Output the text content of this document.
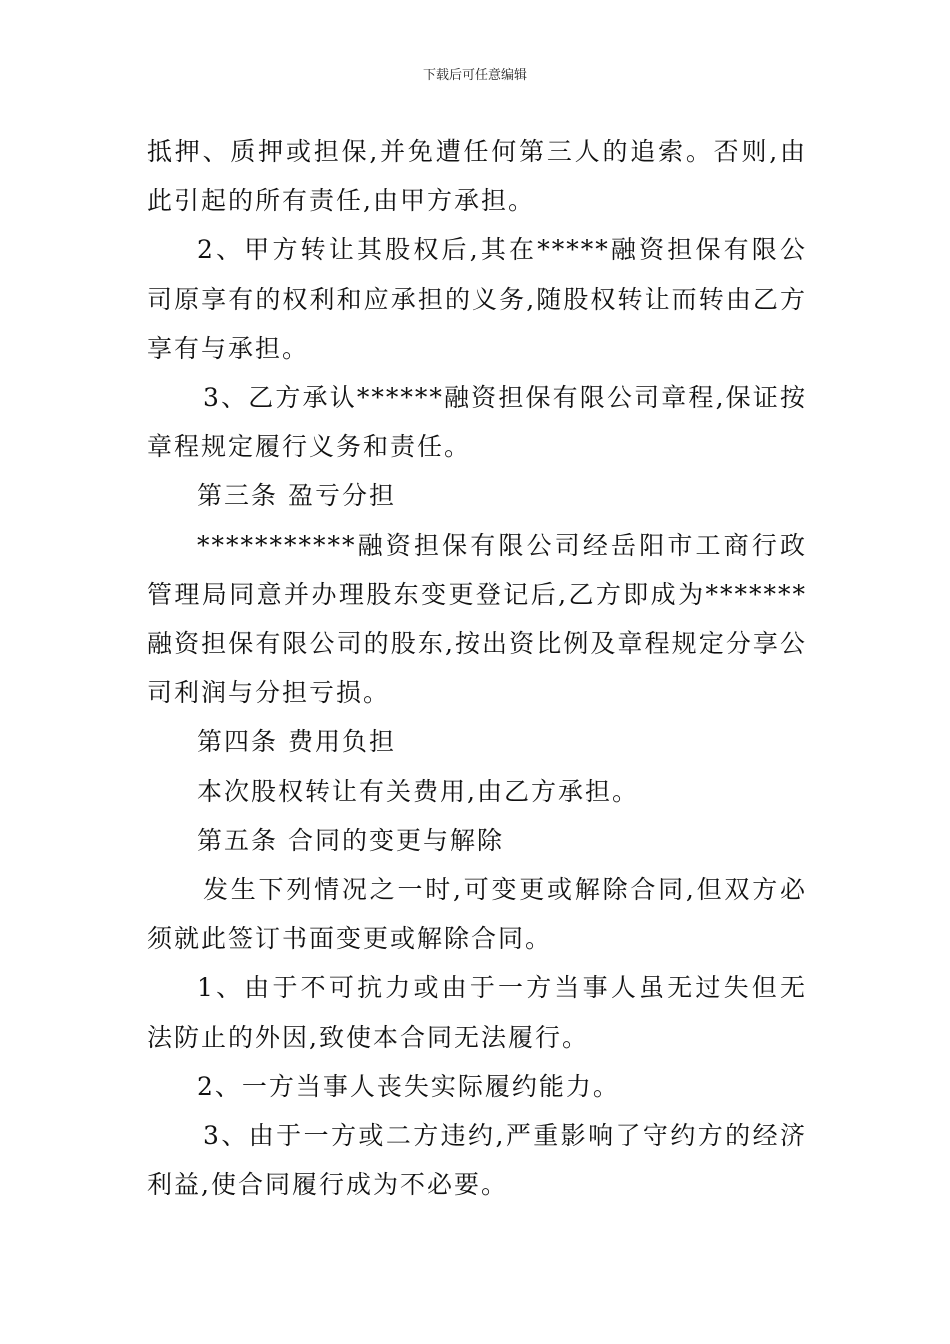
下载后可任意编辑

抵押、质押或担保,并免遭任何第三人的追索。否则,由此引起的所有责任,由甲方承担。

2、甲方转让其股权后,其在*****融资担保有限公司原享有的权利和应承担的义务,随股权转让而转由乙方享有与承担。

3、乙方承认******融资担保有限公司章程,保证按章程规定履行义务和责任。

第三条 盈亏分担

***********融资担保有限公司经岳阳市工商行政管理局同意并办理股东变更登记后,乙方即成为*******融资担保有限公司的股东,按出资比例及章程规定分享公司利润与分担亏损。

第四条 费用负担

本次股权转让有关费用,由乙方承担。

第五条 合同的变更与解除

发生下列情况之一时,可变更或解除合同,但双方必须就此签订书面变更或解除合同。

1、由于不可抗力或由于一方当事人虽无过失但无法防止的外因,致使本合同无法履行。

2、一方当事人丧失实际履约能力。

3、由于一方或二方违约,严重影响了守约方的经济利益,使合同履行成为不必要。
